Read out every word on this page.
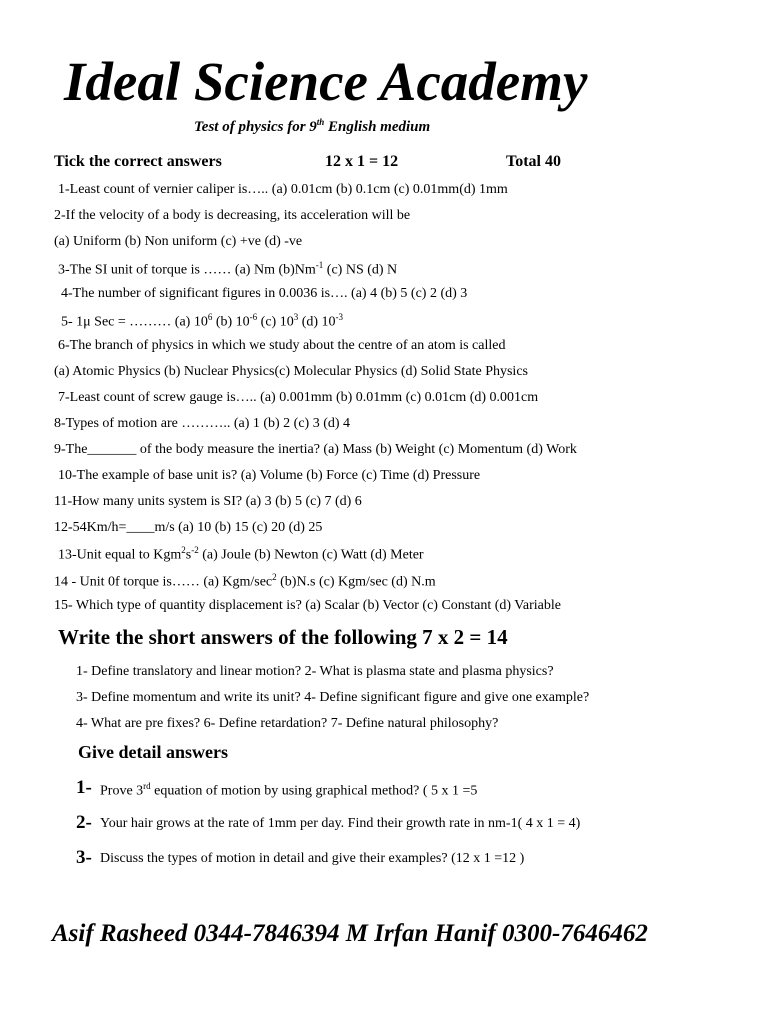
Ideal Science Academy
Test of physics for 9th English medium
Tick the correct answers	12 x 1 = 12	Total 40
1-Least count of vernier caliper is….. (a) 0.01cm (b) 0.1cm (c) 0.01mm(d) 1mm
2-If the velocity of a body is decreasing, its acceleration will be
(a) Uniform (b) Non uniform (c) +ve (d) -ve
3-The SI unit of torque is …… (a) Nm $(b)Nm^{-1}$ (c) NS (d) N
4-The number of significant figures in 0.0036 is…. (a) 4 (b) 5 (c) 2 (d) 3
5- 1μ Sec = ……… (a) $10^6$ (b) $10^{-6}$ (c) $10^3$ (d) $10^{-3}$
6-The branch of physics in which we study about the centre of an atom is called
(a) Atomic Physics (b) Nuclear Physics(c) Molecular Physics (d) Solid State Physics
7-Least count of screw gauge is….. (a) 0.001mm (b) 0.01mm (c) 0.01cm (d) 0.001cm
8-Types of motion are ……….. (a) 1 (b) 2 (c) 3 (d) 4
9-The_______ of the body measure the inertia? (a) Mass (b) Weight (c) Momentum (d) Work
10-The example of base unit is? (a) Volume (b) Force (c) Time (d) Pressure
11-How many units system is SI? (a) 3 (b) 5 (c) 7 (d) 6
12-54Km/h=____m/s (a) 10 (b) 15 (c) 20 (d) 25
13-Unit equal to $Kgm^2s^{-2}$ (a) Joule (b) Newton (c) Watt (d) Meter
14 - Unit 0f torque is…… (a) Kgm/$\sec^2$ (b)N.s (c) Kgm/sec (d) N.m
15- Which type of quantity displacement is? (a) Scalar (b) Vector (c) Constant (d) Variable
Write the short answers of the following 7 x 2 = 14
1- Define translatory and linear motion? 2- What is plasma state and plasma physics?
3- Define momentum and write its unit? 4- Define significant figure and give one example?
4- What are pre fixes? 6- Define retardation? 7- Define natural philosophy?
Give detail answers
1- Prove 3rd equation of motion by using graphical method? ( 5 x 1 =5
2- Your hair grows at the rate of 1mm per day. Find their growth rate in nm-1( 4 x 1 = 4)
3- Discuss the types of motion in detail and give their examples? (12 x 1 =12 )
Asif Rasheed 0344-7846394 M Irfan Hanif 0300-7646462
